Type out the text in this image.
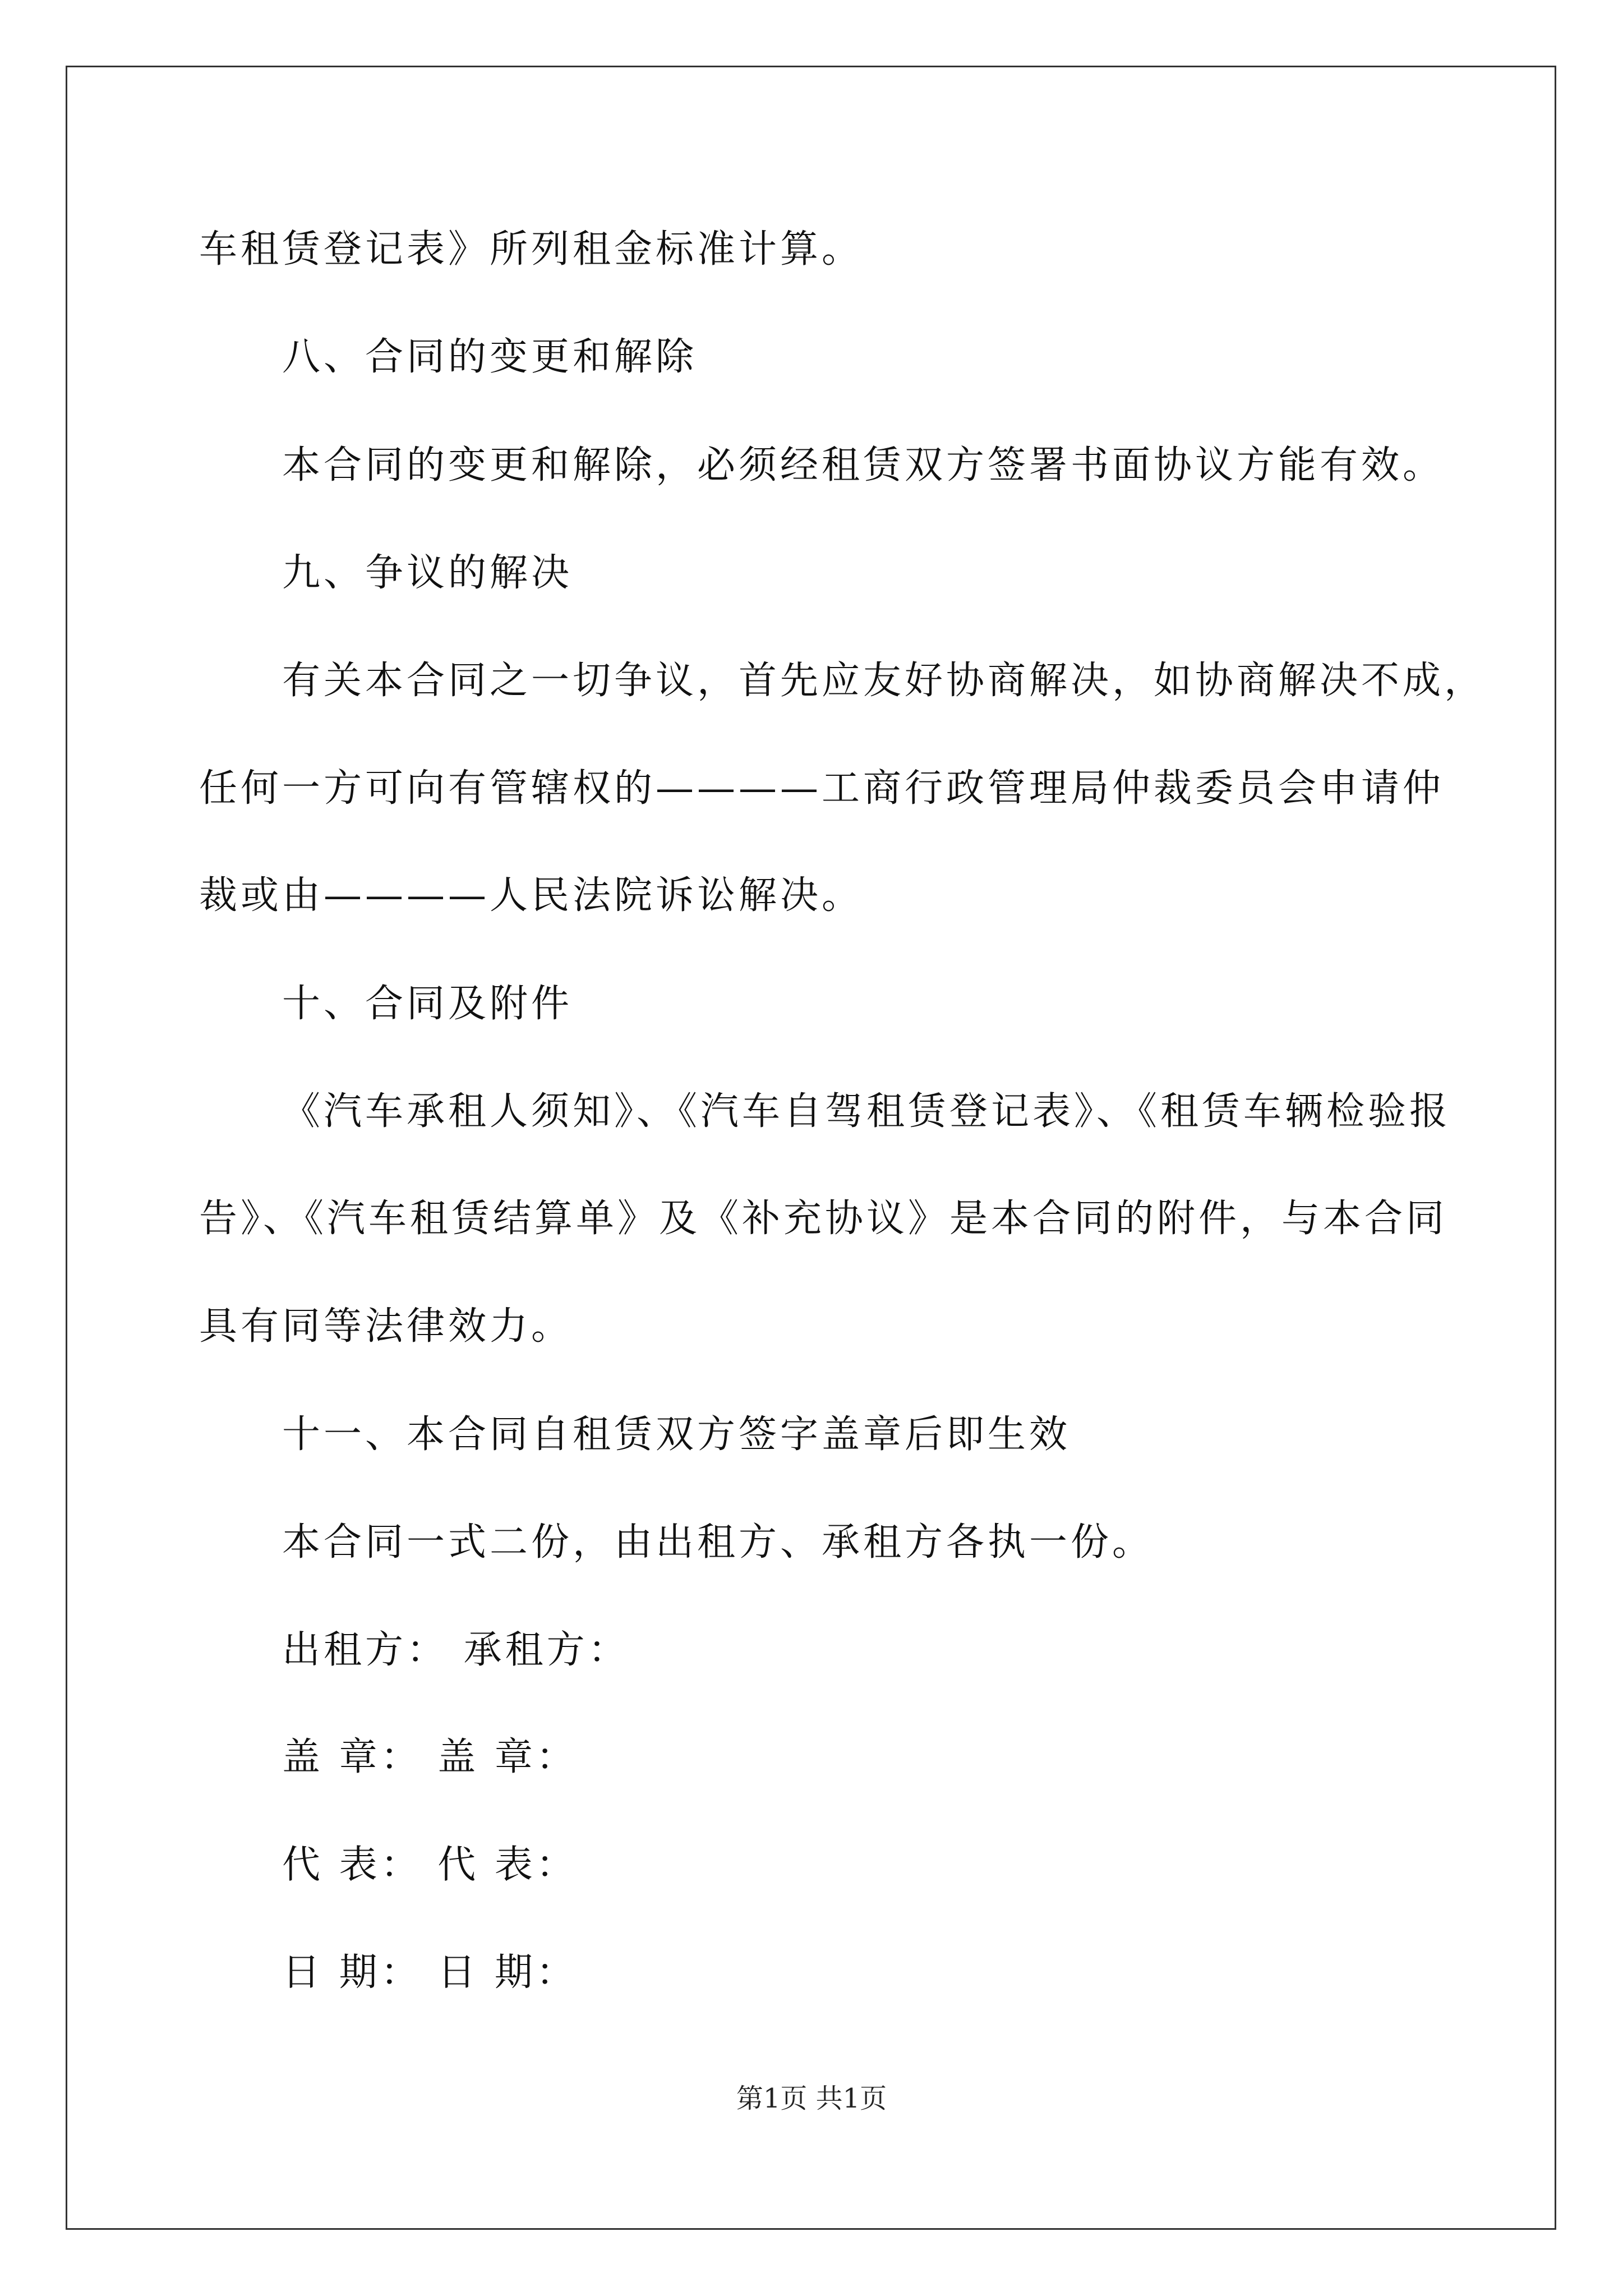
车租赁登记表》所列租金标准计算。
八、合同的变更和解除
本合同的变更和解除，必须经租赁双方签署书面协议方能有效。
九、争议的解决
有关本合同之一切争议，首先应友好协商解决，如协商解决不成，
任何一方可向有管辖权的————工商行政管理局仲裁委员会申请仲
裁或由————人民法院诉讼解决。
十、合同及附件
《汽车承租人须知》、《汽车自驾租赁登记表》、《租赁车辆检验报
告》、《汽车租赁结算单》及《补充协议》是本合同的附件，与本合同
具有同等法律效力。
十一、本合同自租赁双方签字盖章后即生效
本合同一式二份，由出租方、承租方各执一份。
出租方： 承租方：
盖 章： 盖 章：
代 表： 代 表：
日 期： 日 期：
第1页 共1页
